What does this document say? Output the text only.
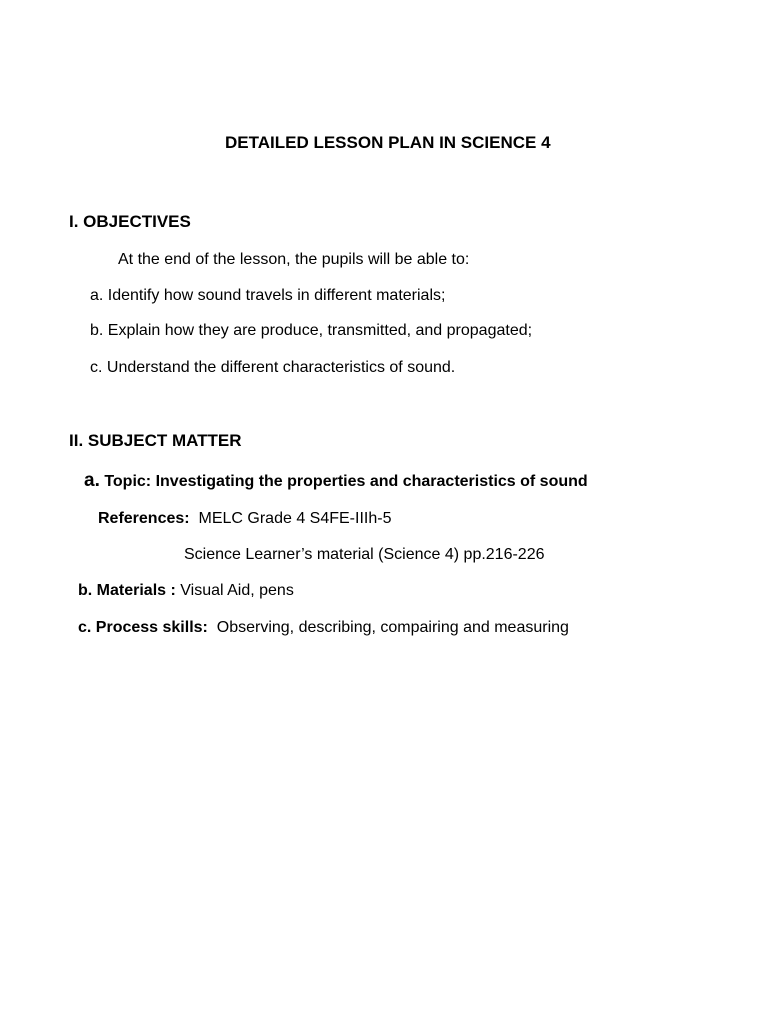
DETAILED LESSON PLAN IN SCIENCE 4
I. OBJECTIVES
At the end of the lesson, the pupils will be able to:
a. Identify how sound travels in different materials;
b. Explain how they are produce, transmitted, and propagated;
c. Understand the different characteristics of sound.
II. SUBJECT MATTER
a. Topic: Investigating the properties and characteristics of sound
References: MELC Grade 4 S4FE-IIIh-5
Science Learner’s material (Science 4) pp.216-226
b. Materials : Visual Aid, pens
c. Process skills: Observing, describing, compairing and measuring
